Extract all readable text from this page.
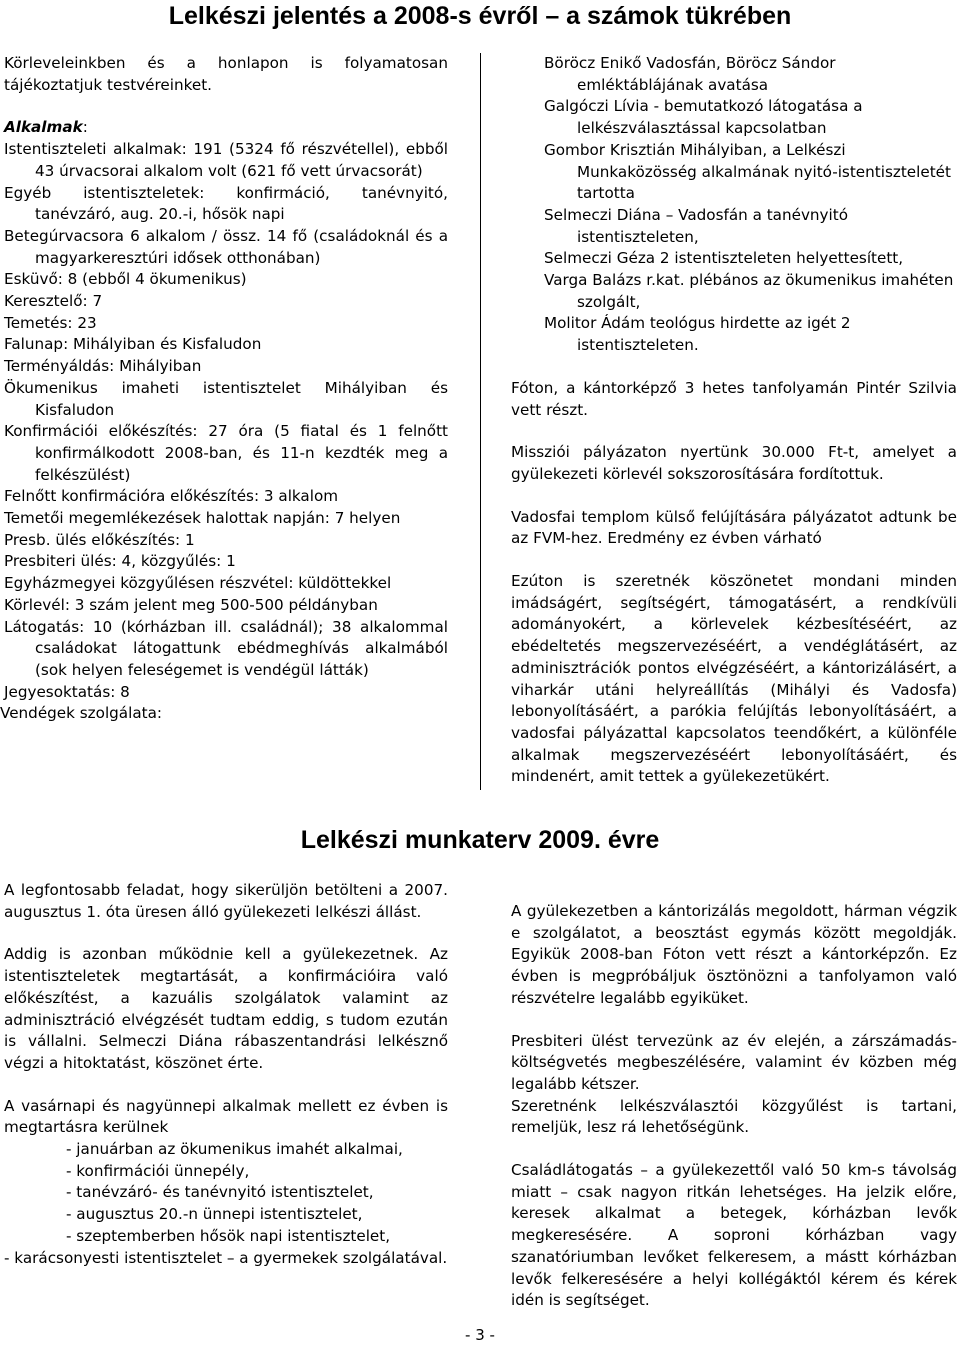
Lelkészi jelentés a 2008-s évről – a számok tükrében

Körleveleinkben és a honlapon is folyamatosan tájékoztatjuk testvéreinket.

Alkalmak:

Istentiszteleti alkalmak: 191 (5324 fő részvétellel), ebből 43 úrvacsorai alkalom volt (621 fő vett úrvacsorát)

Egyéb istentiszteletek: konfirmáció, tanévnyitó, tanévzáró, aug. 20.-i, hősök napi

Betegúrvacsora 6 alkalom / össz. 14 fő (családoknál és a magyarkeresztúri idősek otthonában)

Esküvő: 8 (ebből 4 ökumenikus)

Keresztelő: 7

Temetés: 23

Falunap: Mihályiban és Kisfaludon

Terményáldás: Mihályiban

Ökumenikus imaheti istentisztelet Mihályiban és Kisfaludon

Konfirmációi előkészítés: 27 óra (5 fiatal és 1 felnőtt konfirmálkodott 2008-ban, és 11-n kezdték meg a felkészülést)

Felnőtt konfirmációra előkészítés: 3 alkalom

Temetői megemlékezések halottak napján: 7 helyen

Presb. ülés előkészítés: 1

Presbiteri ülés: 4, közgyűlés: 1

Egyházmegyei közgyűlésen részvétel: küldöttekkel

Körlevél: 3 szám jelent meg 500-500 példányban

Látogatás: 10 (kórházban ill. családnál); 38 alkalommal családokat látogattunk ebédmeghívás alkalmából (sok helyen feleségemet is vendégül látták)

Jegyesoktatás: 8

Vendégek szolgálata:

Böröcz Enikő Vadosfán, Böröcz Sándor emléktáblájának avatása

Galgóczi Lívia - bemutatkozó látogatása a lelkészválasztással kapcsolatban

Gombor Krisztián Mihályiban, a Lelkészi Munkaközösség alkalmának nyitó-istentiszteletét tartotta

Selmeczi Diána – Vadosfán a tanévnyitó istentiszteleten,

Selmeczi Géza 2 istentiszteleten helyettesített,

Varga Balázs r.kat. plébános az ökumenikus imahéten szolgált,

Molitor Ádám teológus hirdette az igét 2 istentiszteleten.

Fóton, a kántorképző 3 hetes tanfolyamán Pintér Szilvia vett részt.

Missziói pályázaton nyertünk 30.000 Ft-t, amelyet a gyülekezeti körlevél sokszorosítására fordítottuk.

Vadosfai templom külső felújítására pályázatot adtunk be az FVM-hez. Eredmény ez évben várható

Ezúton is szeretnék köszönetet mondani minden imádságért, segítségért, támogatásért, a rendkívüli adományokért, a körlevelek kézbesítéséért, az ebédeltetés megszervezéséért, a vendéglátásért, az adminisztrációk pontos elvégzéséért, a kántorizálásért, a viharkár utáni helyreállítás (Mihályi és Vadosfa) lebonyolításáért, a parókia felújítás lebonyolításáért, a vadosfai pályázattal kapcsolatos teendőkért, a különféle alkalmak megszervezéséért lebonyolításáért, és mindenért, amit tettek a gyülekezetükért.

Lelkészi munkaterv 2009. évre

A legfontosabb feladat, hogy sikerüljön betölteni a 2007. augusztus 1. óta üresen álló gyülekezeti lelkészi állást.

Addig is azonban működnie kell a gyülekezetnek. Az istentiszteletek megtartását, a konfirmációira való előkészítést, a kazuális szolgálatok valamint az adminisztráció elvégzését tudtam eddig, s tudom ezután is vállalni. Selmeczi Diána rábaszentandrási lelkésznő végzi a hitoktatást, köszönet érte.

A vasárnapi és nagyünnepi alkalmak mellett ez évben is megtartásra kerülnek

- januárban az ökumenikus imahét alkalmai,

- konfirmációi ünnepély,

- tanévzáró- és tanévnyitó istentisztelet,

- augusztus 20.-n ünnepi istentisztelet,

- szeptemberben hősök napi istentisztelet,

- karácsonyesti istentisztelet – a gyermekek szolgálatával.

A gyülekezetben a kántorizálás megoldott, hárman végzik e szolgálatot, a beosztást egymás között megoldják. Egyikük 2008-ban Fóton vett részt a kántorképzőn. Ez évben is megpróbáljuk ösztönözni a tanfolyamon való részvételre legalább egyiküket.

Presbiteri ülést tervezünk az év elején, a zárszámadás-költségvetés megbeszélésére, valamint év közben még legalább kétszer.

Szeretnénk lelkészválasztói közgyűlést is tartani, remeljük, lesz rá lehetőségünk.

Családlátogatás – a gyülekezettől való 50 km-s távolság miatt – csak nagyon ritkán lehetséges. Ha jelzik előre, keresek alkalmat a betegek, kórházban levők megkeresésére. A soproni kórházban vagy szanatóriumban levőket felkeresem, a mástt kórházban levők felkeresésére a helyi kollégáktól kérem és kérek idén is segítséget.

- 3 -
